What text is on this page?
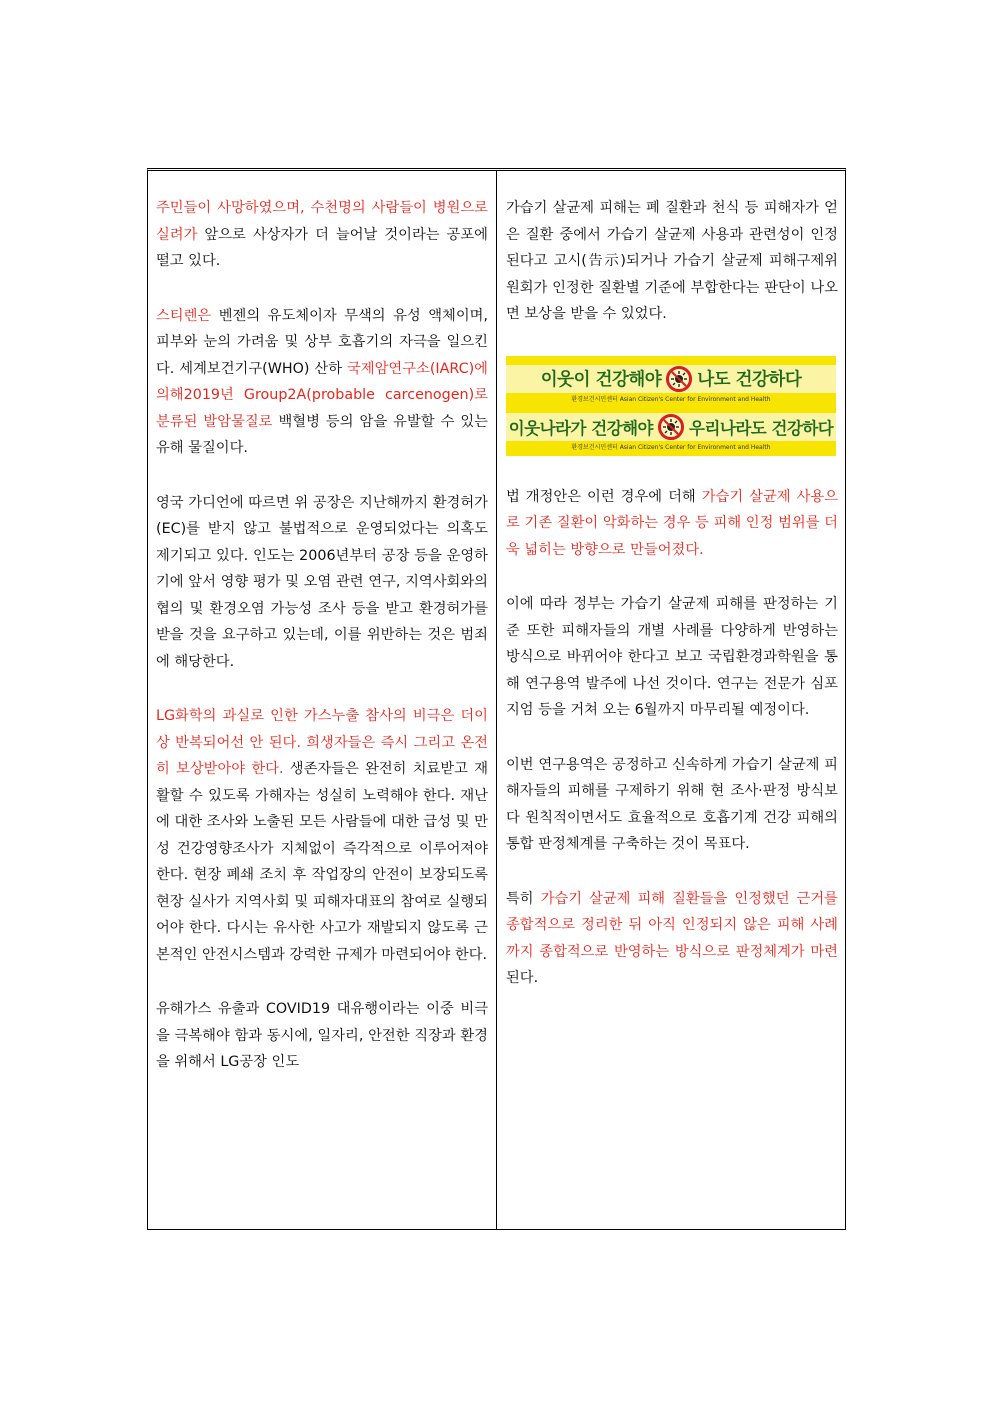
주민들이 사망하였으며, 수천명의 사람들이 병원으로 실려가 앞으로 사상자가 더 늘어날 것이라는 공포에 떨고 있다.

스티렌은 벤젠의 유도체이자 무색의 유성 액체이며, 피부와 눈의 가려움 및 상부 호흡기의 자극을 일으킨다. 세계보건기구(WHO) 산하 국제암연구소(IARC)에 의해2019년 Group2A(probable carcenogen)로 분류된 발암물질로 백혈병 등의 암을 유발할 수 있는 유해 물질이다.

영국 가디언에 따르면 위 공장은 지난해까지 환경허가(EC)를 받지 않고 불법적으로 운영되었다는 의혹도 제기되고 있다. 인도는 2006년부터 공장 등을 운영하기에 앞서 영향 평가 및 오염 관련 연구, 지역사회와의 협의 및 환경오염 가능성 조사 등을 받고 환경허가를 받을 것을 요구하고 있는데, 이를 위반하는 것은 범죄에 해당한다.

LG화학의 과실로 인한 가스누출 참사의 비극은 더이상 반복되어선 안 된다. 희생자들은 즉시 그리고 온전히 보상받아야 한다. 생존자들은 완전히 치료받고 재활할 수 있도록 가해자는 성실히 노력해야 한다. 재난에 대한 조사와 노출된 모든 사람들에 대한 급성 및 만성 건강영향조사가 지체없이 즉각적으로 이루어져야 한다. 현장 폐쇄 조치 후 작업장의 안전이 보장되도록 현장 실사가 지역사회 및 피해자대표의 참여로 실행되어야 한다. 다시는 유사한 사고가 재발되지 않도록 근본적인 안전시스템과 강력한 규제가 마련되어야 한다.

유해가스 유출과 COVID19 대유행이라는 이중 비극을 극복해야 함과 동시에, 일자리, 안전한 직장과 환경을 위해서 LG공장 인도

가습기 살균제 피해는 폐 질환과 천식 등 피해자가 얻은 질환 중에서 가습기 살균제 사용과 관련성이 인정된다고 고시(告示)되거나 가습기 살균제 피해구제위원회가 인정한 질환별 기준에 부합한다는 판단이 나오면 보상을 받을 수 있었다.

이웃이 건강해야 나도 건강하다
환경보건시민센터 Asian Citizen's Center for Environment and Health
이웃나라가 건강해야 우리나라도 건강하다
환경보건시민센터 Asian Citizen's Center for Environment and Health

법 개정안은 이런 경우에 더해 가습기 살균제 사용으로 기존 질환이 악화하는 경우 등 피해 인정 범위를 더욱 넓히는 방향으로 만들어졌다.

이에 따라 정부는 가습기 살균제 피해를 판정하는 기준 또한 피해자들의 개별 사례를 다양하게 반영하는 방식으로 바뀌어야 한다고 보고 국립환경과학원을 통해 연구용역 발주에 나선 것이다. 연구는 전문가 심포지엄 등을 거쳐 오는 6월까지 마무리될 예정이다.

이번 연구용역은 공정하고 신속하게 가습기 살균제 피해자들의 피해를 구제하기 위해 현 조사·판정 방식보다 원칙적이면서도 효율적으로 호흡기계 건강 피해의 통합 판정체계를 구축하는 것이 목표다.

특히 가습기 살균제 피해 질환들을 인정했던 근거를 종합적으로 정리한 뒤 아직 인정되지 않은 피해 사례까지 종합적으로 반영하는 방식으로 판정체계가 마련된다.
